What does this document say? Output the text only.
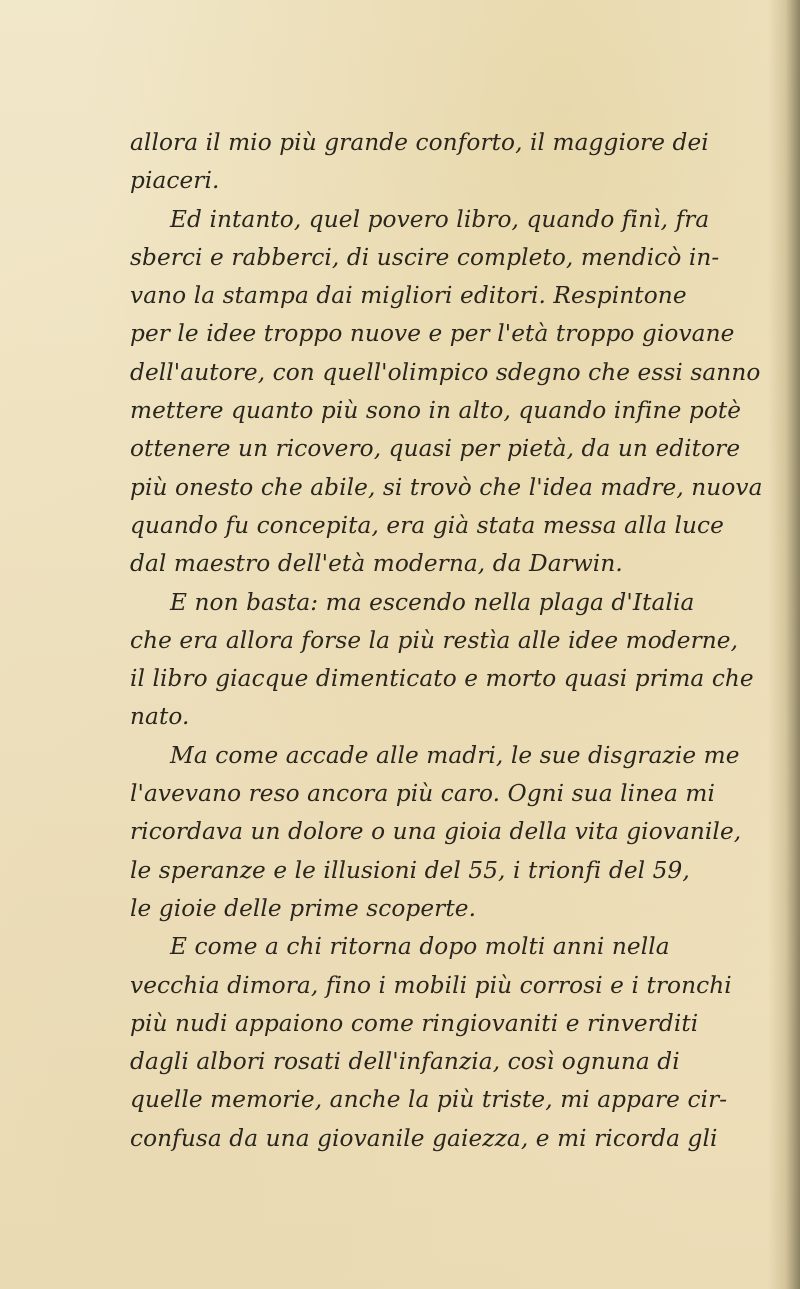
allora il mio più grande conforto, il maggiore dei
piaceri.
Ed intanto, quel povero libro, quando finì, fra
sberci e rabberci, di uscire completo, mendicò in-
vano la stampa dai migliori editori. Respintone
per le idee troppo nuove e per l'età troppo giovane
dell'autore, con quell'olimpico sdegno che essi sanno
mettere quanto più sono in alto, quando infine potè
ottenere un ricovero, quasi per pietà, da un editore
più onesto che abile, si trovò che l'idea madre, nuova
quando fu concepita, era già stata messa alla luce
dal maestro dell'età moderna, da Darwin.
E non basta: ma escendo nella plaga d'Italia
che era allora forse la più restìa alle idee moderne,
il libro giacque dimenticato e morto quasi prima che
nato.
Ma come accade alle madri, le sue disgrazie me
l'avevano reso ancora più caro. Ogni sua linea mi
ricordava un dolore o una gioia della vita giovanile,
le speranze e le illusioni del 55, i trionfi del 59,
le gioie delle prime scoperte.
E come a chi ritorna dopo molti anni nella
vecchia dimora, fino i mobili più corrosi e i tronchi
più nudi appaiono come ringiovaniti e rinverditi
dagli albori rosati dell'infanzia, così ognuna di
quelle memorie, anche la più triste, mi appare cir-
confusa da una giovanile gaiezza, e mi ricorda gli
